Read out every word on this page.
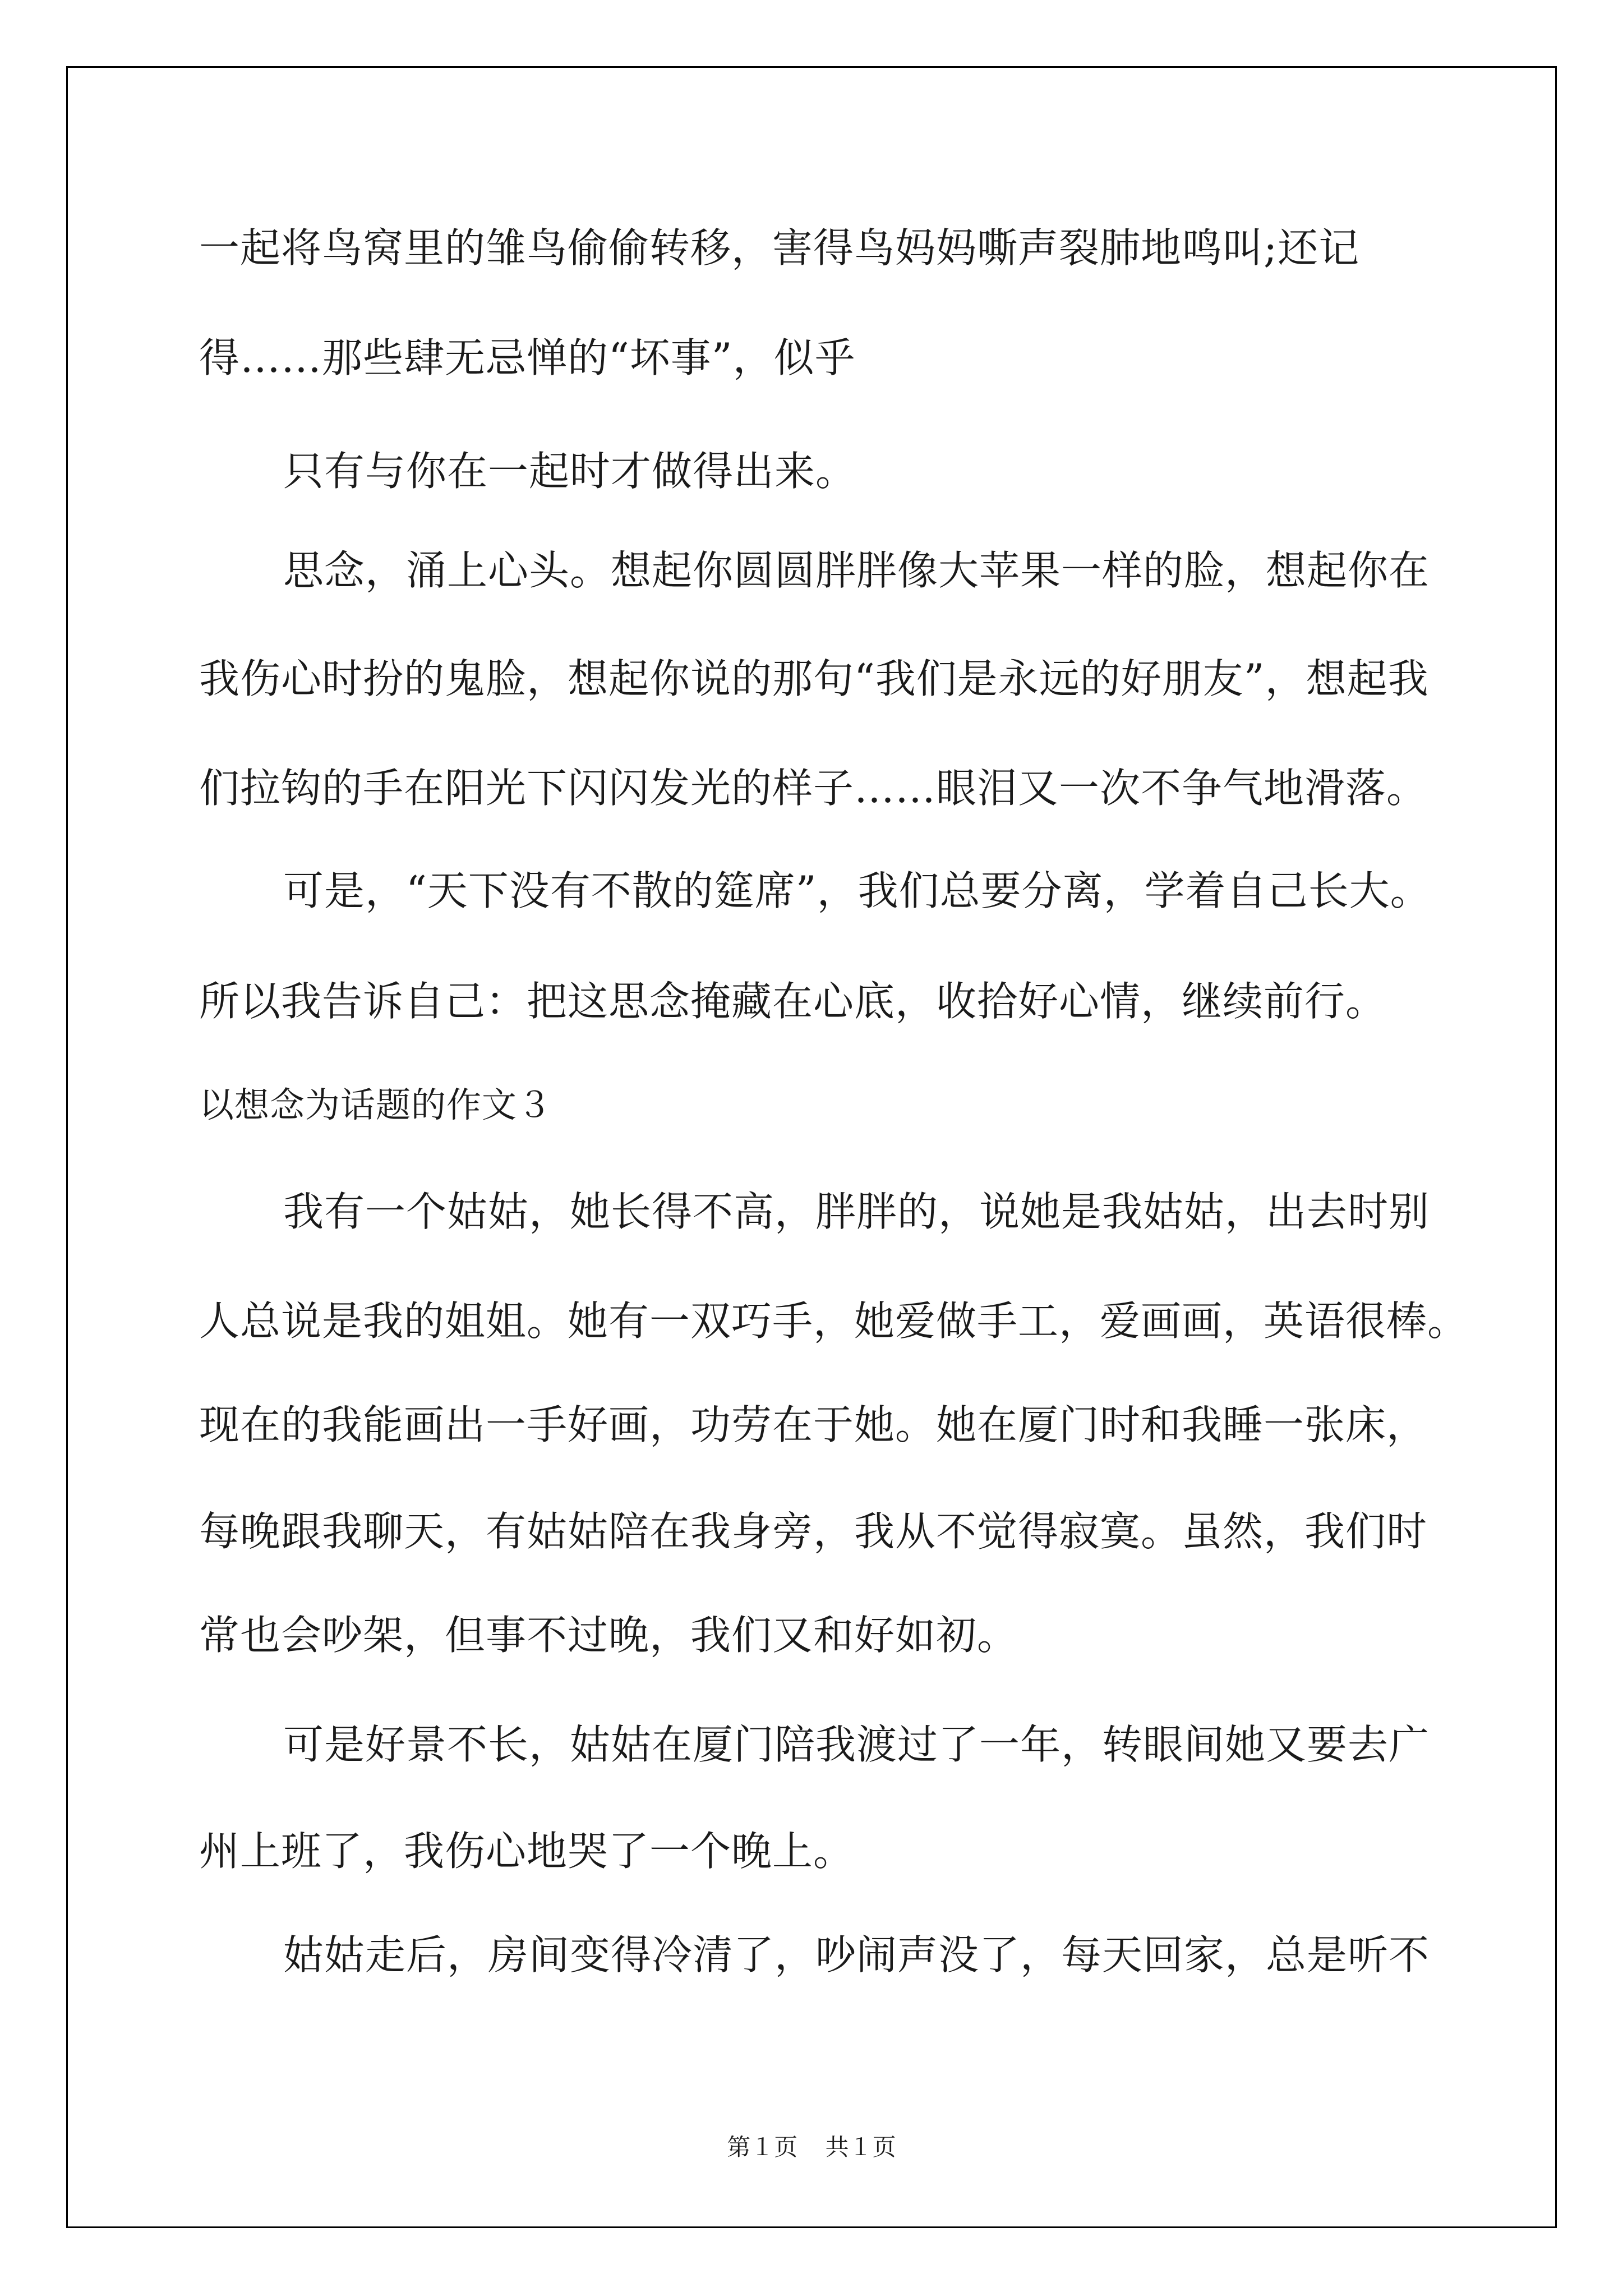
一起将鸟窝里的雏鸟偷偷转移，害得鸟妈妈嘶声裂肺地鸣叫;还记
得……那些肆无忌惮的“坏事”，似乎
只有与你在一起时才做得出来。
思念，涌上心头。想起你圆圆胖胖像大苹果一样的脸，想起你在
我伤心时扮的鬼脸，想起你说的那句“我们是永远的好朋友”，想起我
们拉钩的手在阳光下闪闪发光的样子……眼泪又一次不争气地滑落。
可是，“天下没有不散的筵席”，我们总要分离，学着自己长大。
所以我告诉自己：把这思念掩藏在心底，收拾好心情，继续前行。
以想念为话题的作文３
我有一个姑姑，她长得不高，胖胖的，说她是我姑姑，出去时别
人总说是我的姐姐。她有一双巧手，她爱做手工，爱画画，英语很棒。
现在的我能画出一手好画，功劳在于她。她在厦门时和我睡一张床，
每晚跟我聊天，有姑姑陪在我身旁，我从不觉得寂寞。虽然，我们时
常也会吵架，但事不过晚，我们又和好如初。
可是好景不长，姑姑在厦门陪我渡过了一年，转眼间她又要去广
州上班了，我伤心地哭了一个晚上。
姑姑走后，房间变得冷清了，吵闹声没了，每天回家，总是听不
第１页 共１页
